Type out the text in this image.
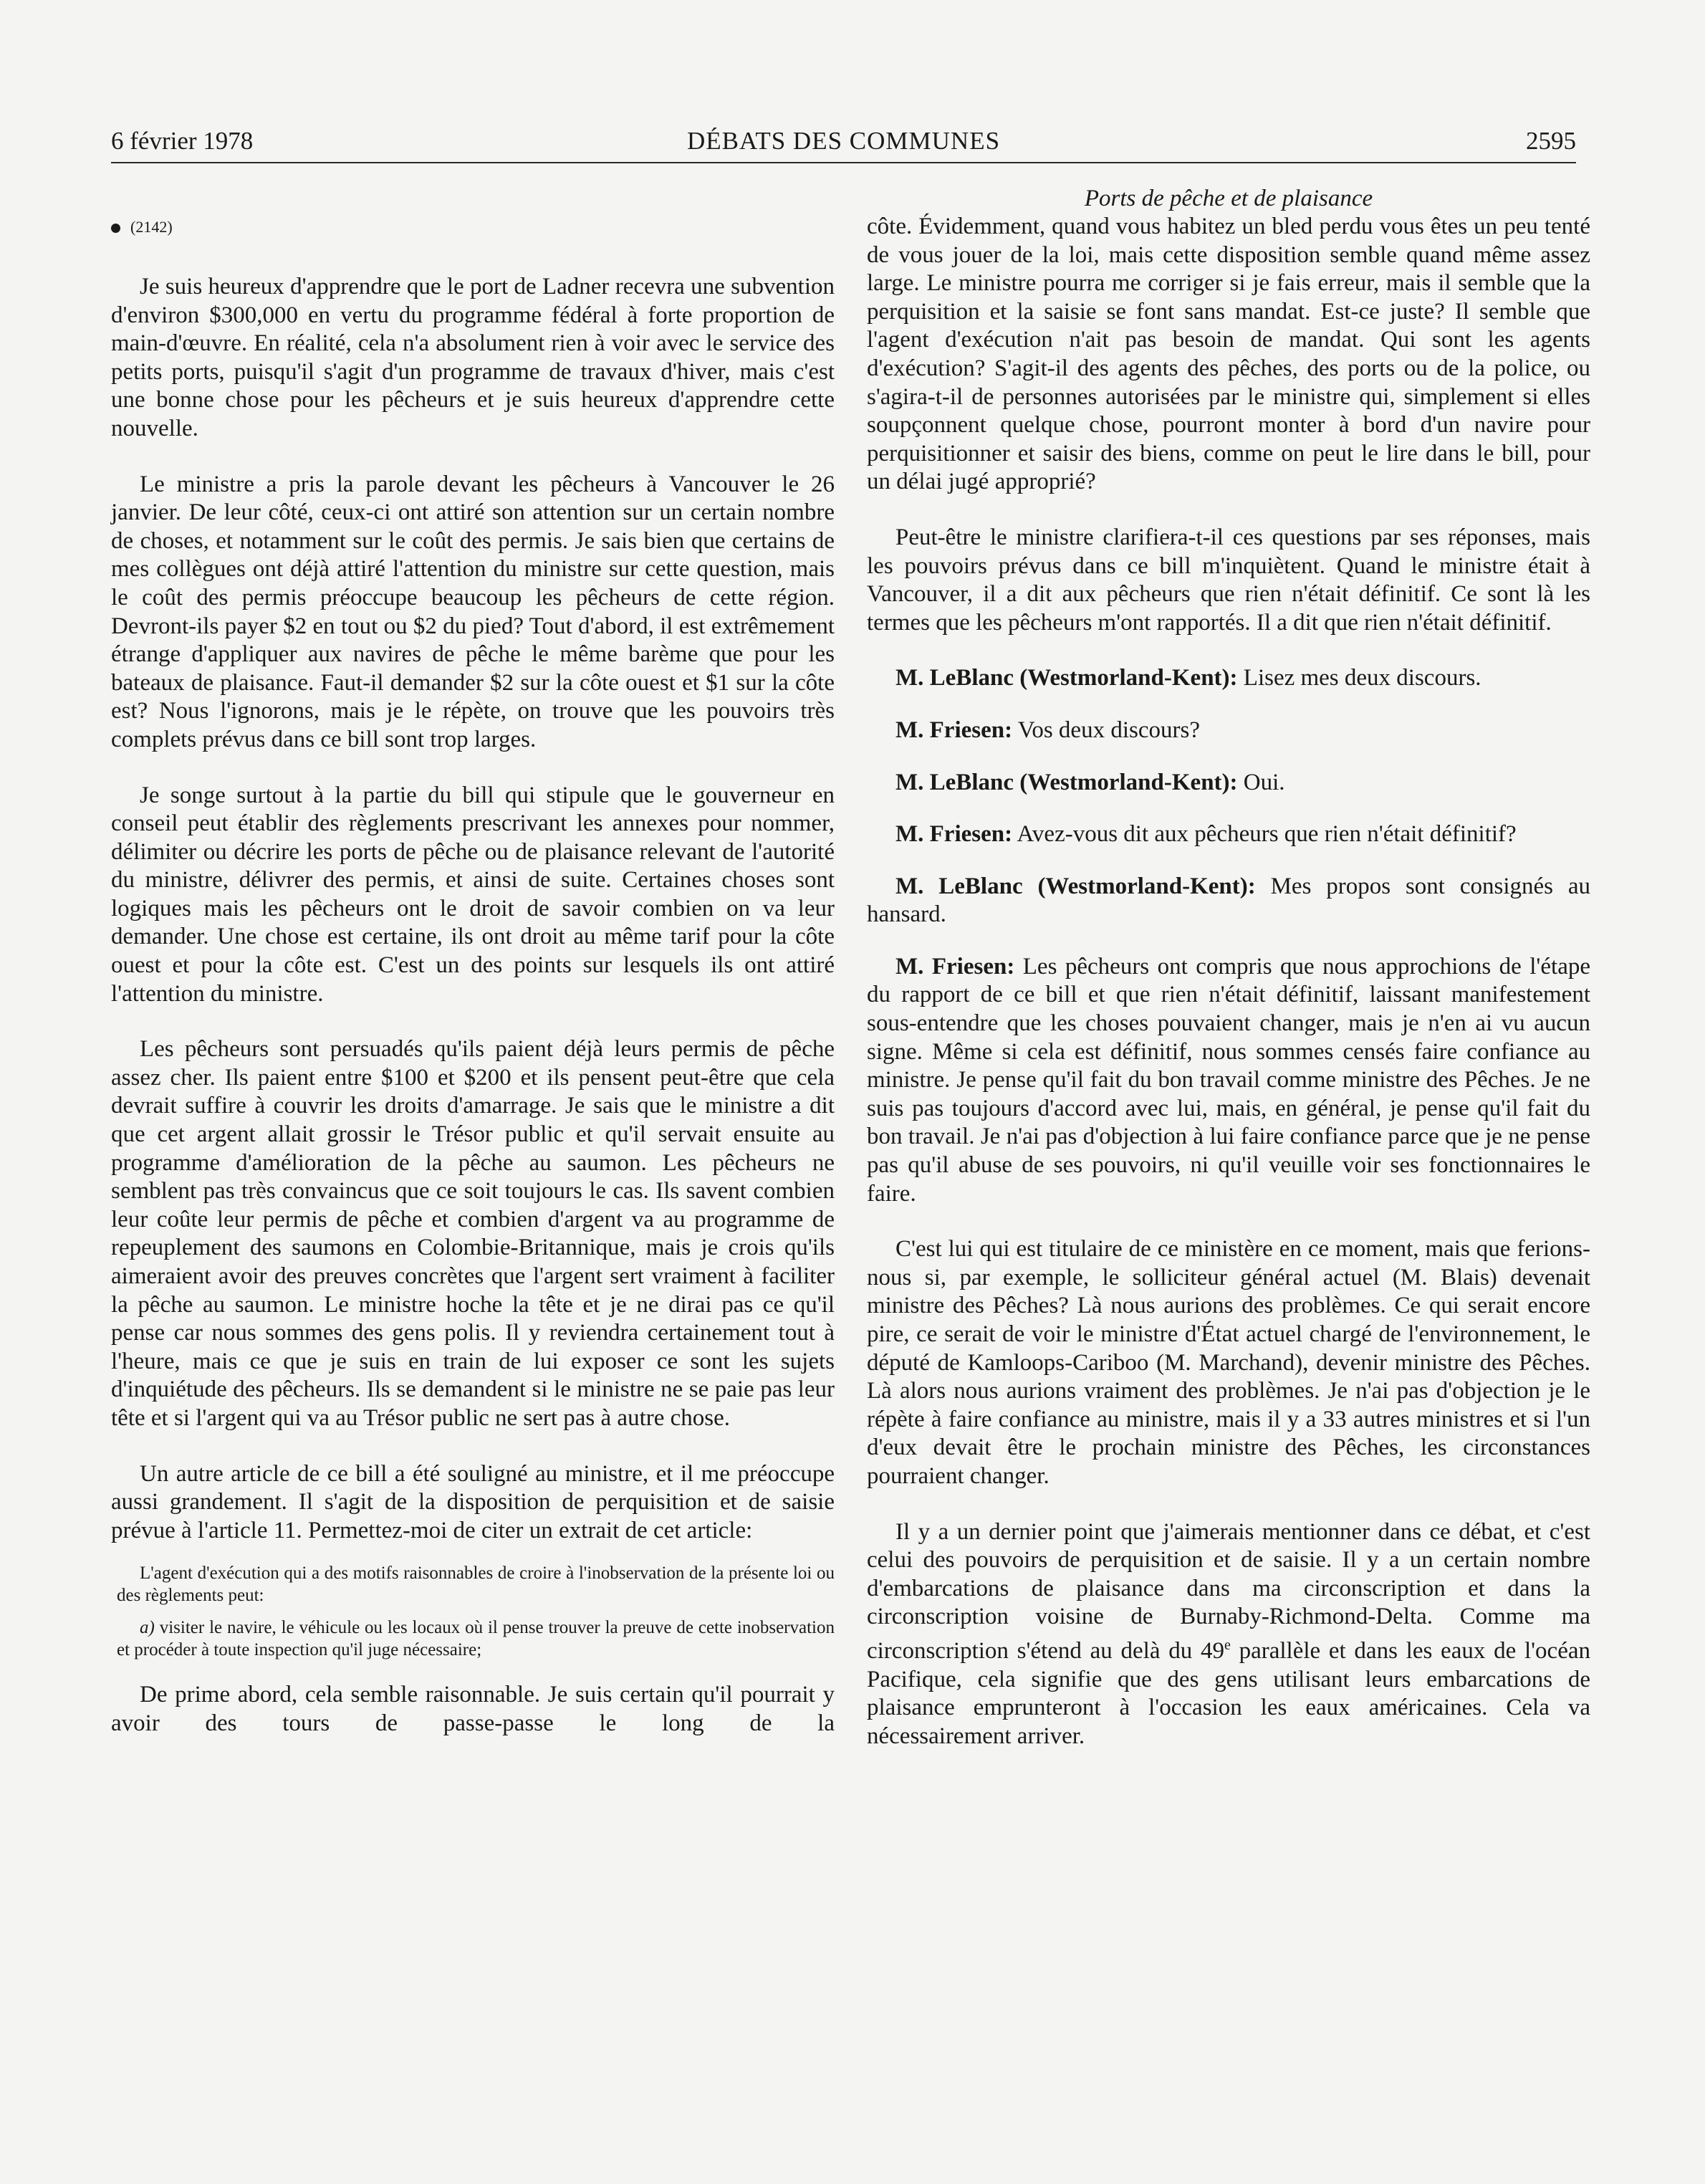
6 février 1978	DÉBATS DES COMMUNES	2595
(2142)

Je suis heureux d'apprendre que le port de Ladner recevra une subvention d'environ $300,000 en vertu du programme fédéral à forte proportion de main-d'œuvre. En réalité, cela n'a absolument rien à voir avec le service des petits ports, puisqu'il s'agit d'un programme de travaux d'hiver, mais c'est une bonne chose pour les pêcheurs et je suis heureux d'apprendre cette nouvelle.

Le ministre a pris la parole devant les pêcheurs à Vancouver le 26 janvier. De leur côté, ceux-ci ont attiré son attention sur un certain nombre de choses, et notamment sur le coût des permis. Je sais bien que certains de mes collègues ont déjà attiré l'attention du ministre sur cette question, mais le coût des permis préoccupe beaucoup les pêcheurs de cette région. Devront-ils payer $2 en tout ou $2 du pied? Tout d'abord, il est extrêmement étrange d'appliquer aux navires de pêche le même barème que pour les bateaux de plaisance. Faut-il demander $2 sur la côte ouest et $1 sur la côte est? Nous l'ignorons, mais je le répète, on trouve que les pouvoirs très complets prévus dans ce bill sont trop larges.

Je songe surtout à la partie du bill qui stipule que le gouverneur en conseil peut établir des règlements prescrivant les annexes pour nommer, délimiter ou décrire les ports de pêche ou de plaisance relevant de l'autorité du ministre, délivrer des permis, et ainsi de suite. Certaines choses sont logiques mais les pêcheurs ont le droit de savoir combien on va leur demander. Une chose est certaine, ils ont droit au même tarif pour la côte ouest et pour la côte est. C'est un des points sur lesquels ils ont attiré l'attention du ministre.

Les pêcheurs sont persuadés qu'ils paient déjà leurs permis de pêche assez cher. Ils paient entre $100 et $200 et ils pensent peut-être que cela devrait suffire à couvrir les droits d'amarrage. Je sais que le ministre a dit que cet argent allait grossir le Trésor public et qu'il servait ensuite au programme d'amélioration de la pêche au saumon. Les pêcheurs ne semblent pas très convaincus que ce soit toujours le cas. Ils savent combien leur coûte leur permis de pêche et combien d'argent va au programme de repeuplement des saumons en Colombie-Britannique, mais je crois qu'ils aimeraient avoir des preuves concrètes que l'argent sert vraiment à faciliter la pêche au saumon. Le ministre hoche la tête et je ne dirai pas ce qu'il pense car nous sommes des gens polis. Il y reviendra certainement tout à l'heure, mais ce que je suis en train de lui exposer ce sont les sujets d'inquiétude des pêcheurs. Ils se demandent si le ministre ne se paie pas leur tête et si l'argent qui va au Trésor public ne sert pas à autre chose.

Un autre article de ce bill a été souligné au ministre, et il me préoccupe aussi grandement. Il s'agit de la disposition de perquisition et de saisie prévue à l'article 11. Permettez-moi de citer un extrait de cet article:

L'agent d'exécution qui a des motifs raisonnables de croire à l'inobservation de la présente loi ou des règlements peut:
a) visiter le navire, le véhicule ou les locaux où il pense trouver la preuve de cette inobservation et procéder à toute inspection qu'il juge nécessaire;

De prime abord, cela semble raisonnable. Je suis certain qu'il pourrait y avoir des tours de passe-passe le long de la

Ports de pêche et de plaisance

côte. Évidemment, quand vous habitez un bled perdu vous êtes un peu tenté de vous jouer de la loi, mais cette disposition semble quand même assez large. Le ministre pourra me corriger si je fais erreur, mais il semble que la perquisition et la saisie se font sans mandat. Est-ce juste? Il semble que l'agent d'exécution n'ait pas besoin de mandat. Qui sont les agents d'exécution? S'agit-il des agents des pêches, des ports ou de la police, ou s'agira-t-il de personnes autorisées par le ministre qui, simplement si elles soupçonnent quelque chose, pourront monter à bord d'un navire pour perquisitionner et saisir des biens, comme on peut le lire dans le bill, pour un délai jugé approprié?

Peut-être le ministre clarifiera-t-il ces questions par ses réponses, mais les pouvoirs prévus dans ce bill m'inquiètent. Quand le ministre était à Vancouver, il a dit aux pêcheurs que rien n'était définitif. Ce sont là les termes que les pêcheurs m'ont rapportés. Il a dit que rien n'était définitif.

M. LeBlanc (Westmorland-Kent): Lisez mes deux discours.

M. Friesen: Vos deux discours?

M. LeBlanc (Westmorland-Kent): Oui.

M. Friesen: Avez-vous dit aux pêcheurs que rien n'était définitif?

M. LeBlanc (Westmorland-Kent): Mes propos sont consignés au hansard.

M. Friesen: Les pêcheurs ont compris que nous approchions de l'étape du rapport de ce bill et que rien n'était définitif, laissant manifestement sous-entendre que les choses pouvaient changer, mais je n'en ai vu aucun signe. Même si cela est définitif, nous sommes censés faire confiance au ministre. Je pense qu'il fait du bon travail comme ministre des Pêches. Je ne suis pas toujours d'accord avec lui, mais, en général, je pense qu'il fait du bon travail. Je n'ai pas d'objection à lui faire confiance parce que je ne pense pas qu'il abuse de ses pouvoirs, ni qu'il veuille voir ses fonctionnaires le faire.

C'est lui qui est titulaire de ce ministère en ce moment, mais que ferions-nous si, par exemple, le solliciteur général actuel (M. Blais) devenait ministre des Pêches? Là nous aurions des problèmes. Ce qui serait encore pire, ce serait de voir le ministre d'État actuel chargé de l'environnement, le député de Kamloops-Cariboo (M. Marchand), devenir ministre des Pêches. Là alors nous aurions vraiment des problèmes. Je n'ai pas d'objection je le répète à faire confiance au ministre, mais il y a 33 autres ministres et si l'un d'eux devait être le prochain ministre des Pêches, les circonstances pourraient changer.

Il y a un dernier point que j'aimerais mentionner dans ce débat, et c'est celui des pouvoirs de perquisition et de saisie. Il y a un certain nombre d'embarcations de plaisance dans ma circonscription et dans la circonscription voisine de Burnaby-Richmond-Delta. Comme ma circonscription s'étend au delà du 49e parallèle et dans les eaux de l'océan Pacifique, cela signifie que des gens utilisant leurs embarcations de plaisance emprunteront à l'occasion les eaux américaines. Cela va nécessairement arriver.
